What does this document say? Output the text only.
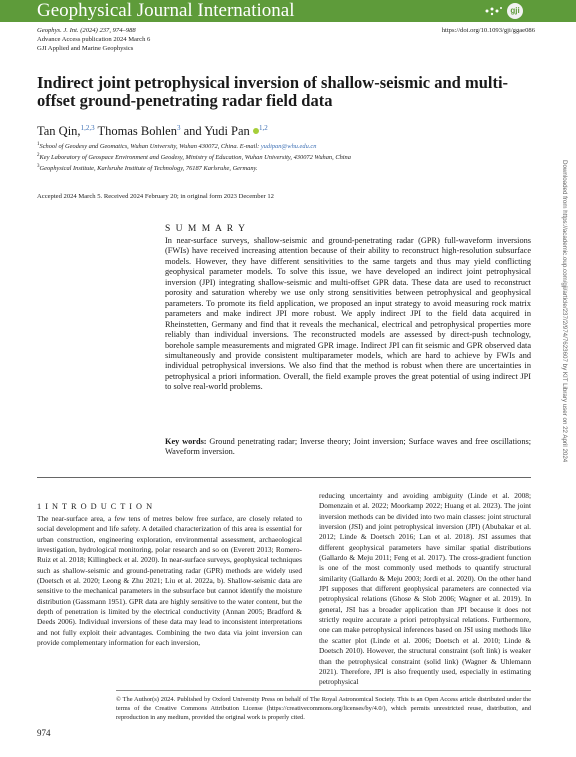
Geophysical Journal International	gji
Geophys. J. Int. (2024) 237, 974–988
Advance Access publication 2024 March 6
GJI Applied and Marine Geophysics
https://doi.org/10.1093/gji/ggae086
Indirect joint petrophysical inversion of shallow-seismic and multi-offset ground-penetrating radar field data
Tan Qin,$^{1,2,3}$ Thomas Bohlen$^3$ and Yudi Pan $^{1,2}$
$^1$School of Geodesy and Geomatics, Wuhan University, Wuhan 430072, China. E-mail: yudipan@whu.edu.cn
$^2$Key Laboratory of Geospace Environment and Geodesy, Ministry of Education, Wuhan University, 430072 Wuhan, China
$^3$Geophysical Institute, Karlsruhe Institute of Technology, 76187 Karlsruhe, Germany.
Accepted 2024 March 5. Received 2024 February 20; in original form 2023 December 12
S U M M A R Y
In near-surface surveys, shallow-seismic and ground-penetrating radar (GPR) full-waveform inversions (FWIs) have received increasing attention because of their ability to reconstruct high-resolution subsurface models. However, they have different sensitivities to the same targets and thus may yield conflicting geophysical parameter models. To solve this issue, we have developed an indirect joint petrophysical inversion (JPI) integrating shallow-seismic and multi-offset GPR data. These data are used to reconstruct porosity and saturation whereby we use only strong sensitivities between petrophysical and geophysical parameters. To promote its field application, we proposed an input strategy to avoid measuring rock matrix parameters and make indirect JPI more robust. We apply indirect JPI to the field data acquired in Rheinstetten, Germany and find that it reveals the mechanical, electrical and petrophysical properties more reliably than individual inversions. The reconstructed models are assessed by direct-push technology, borehole sample measurements and migrated GPR image. Indirect JPI can fit seismic and GPR observed data simultaneously and provide consistent multiparameter models, which are hard to achieve by FWIs and individual petrophysical inversions. We also find that the method is robust when there are uncertainties in petrophysical a priori information. Overall, the field example proves the great potential of using indirect JPI to solve real-world problems.
Key words: Ground penetrating radar; Inverse theory; Joint inversion; Surface waves and free oscillations; Waveform inversion.
1 I N T R O D U C T I O N
The near-surface area, a few tens of metres below free surface, are closely related to social development and life safety. A detailed characterization of this area is essential for urban construction, engineering exploration, environmental assessment, archaeological investigation, hydrological monitoring, polar research and so on (Everett 2013; Romero-Ruiz et al. 2018; Killingbeck et al. 2020). In near-surface surveys, geophysical techniques such as shallow-seismic and ground-penetrating radar (GPR) methods are widely used (Doetsch et al. 2020; Leong & Zhu 2021; Liu et al. 2022a, b). Shallow-seismic data are sensitive to the mechanical parameters in the subsurface but cannot identify the moisture distribution (Gassmann 1951). GPR data are highly sensitive to the water content, but the depth of penetration is limited by the electrical conductivity (Annan 2005; Bradford & Deeds 2006). Individual inversions of these data may lead to inconsistent interpretations and not fully exploit their advantages. Combining the two data via joint inversion can provide complementary information for each inversion,
reducing uncertainty and avoiding ambiguity (Linde et al. 2008; Domenzain et al. 2022; Moorkamp 2022; Huang et al. 2023). The joint inversion methods can be divided into two main classes: joint structural inversion (JSI) and joint petrophysical inversion (JPI) (Abubakar et al. 2012; Linde & Doetsch 2016; Lan et al. 2018). JSI assumes that different geophysical parameters have similar spatial distributions (Gallardo & Meju 2011; Feng et al. 2017). The cross-gradient function is one of the most commonly used methods to quantify structural similarity (Gallardo & Meju 2003; Jordi et al. 2020). On the other hand JPI supposes that different geophysical parameters are connected via petrophysical relations (Ghose & Slob 2006; Wagner et al. 2019). In general, JSI has a broader application than JPI because it does not strictly require accurate a priori petrophysical relations. Furthermore, one can make petrophysical inferences based on JSI using methods like the scatter plot (Linde et al. 2006; Doetsch et al. 2010; Linde & Doetsch 2010). However, the structural constraint (soft link) is weaker than the petrophysical constraint (solid link) (Wagner & Uhlemann 2021). Therefore, JPI is also frequently used, especially in estimating petrophysical
Downloaded from https://academic.oup.com/gji/article/237/2/974/7623607 by KIT Library user on 22 April 2024
© The Author(s) 2024. Published by Oxford University Press on behalf of The Royal Astronomical Society. This is an Open Access article distributed under the terms of the Creative Commons Attribution License (https://creativecommons.org/licenses/by/4.0/), which permits unrestricted reuse, distribution, and reproduction in any medium, provided the original work is properly cited.
974
